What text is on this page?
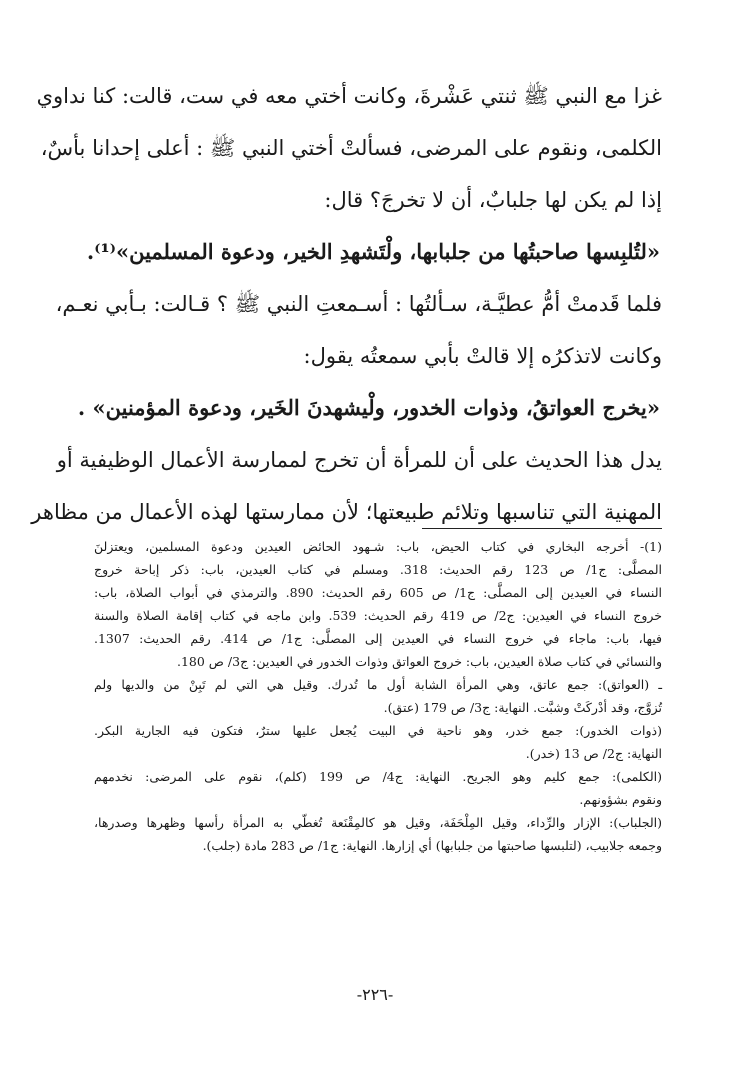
غزا مع النبي ﷺ ثنتي عَشْرةَ، وكانت أختي معه في ست، قالت: كنا نداوي
الكلمى، ونقوم على المرضى، فسألتْ أختي النبي ﷺ : أعلى إحدانا بأسٌ،
إذا لم يكن لها جلبابٌ، أن لا تخرجَ؟ قال:
«لتُلبِسها صاحبتُها من جلبابها، ولْتَشهدِ الخير، ودعوة المسلمين»⁽¹⁾.
فلما قَدمتْ أمُّ عطيَّـة، سـألتُها : أسـمعتِ النبي ﷺ ؟ قـالت: بـأبي نعـم،
وكانت لاتذكرُه إلا قالتْ بأبي سمعتُه يقول:
«يخرج العواتقُ، وذوات الخدور، ولْيشهدنَ الخَير، ودعوة المؤمنين» .
يدل هذا الحديث على أن للمرأة أن تخرج لممارسة الأعمال الوظيفية أو
المهنية التي تناسبها وتلائم طبيعتها؛ لأن ممارستها لهذه الأعمال من مظاهر
(1)- أخرجه البخاري في كتاب الحيض، باب: شـهود الحائض العيدين ودعوة المسلمين، ويعتزلنَ
المصلَّى: ج1/ ص 123 رقم الحديث: 318. ومسلم في كتاب العيدين، باب: ذكر إباحة خروج
النساء في العيدين إلى المصلَّى: ج1/ ص 605 رقم الحديث: 890. والترمذي في أبواب الصلاة، باب:
خروج النساء في العيدين: ج2/ ص 419 رقم الحديث: 539. وابن ماجه في كتاب إقامة الصلاة والسنة
فيها، باب: ماجاء في خروج النساء في العيدين إلى المصلَّى: ج1/ ص 414. رقم الحديث: 1307.
والنسائي في كتاب صلاة العيدين، باب: خروج العواتق وذوات الخدور في العيدين: ج3/ ص 180.
ـ (العواتق): جمع عاتق، وهي المرأة الشابة أول ما تُدرك. وقيل هي التي لم تَبِنْ من والديها ولم
تُزوَّج، وقد أدْركَتْ وشبَّت. النهاية: ج3/ ص 179 (عتق).
(ذوات الخدور): جمع خدر، وهو ناحية في البيت يُجعل عليها سترٌ، فتكون فيه الجارية البكر.
النهاية: ج2/ ص 13 (خدر).
(الكلمى): جمع كليم وهو الجريح. النهاية: ج4/ ص 199 (كلم)، نقوم على المرضى: نخدمهم
ونقوم بشؤونهم.
(الجلباب): الإزار والرِّداء، وقيل المِلْحَفَة، وقيل هو كالمِقْنَعة تُغطّي به المرأة رأسها وظهرها وصدرها،
وجمعه جلابيب، (لتلبسها صاحبتها من جلبابها) أي إزارها. النهاية: ج1/ ص 283 مادة (جلب).
-٢٢٦-
